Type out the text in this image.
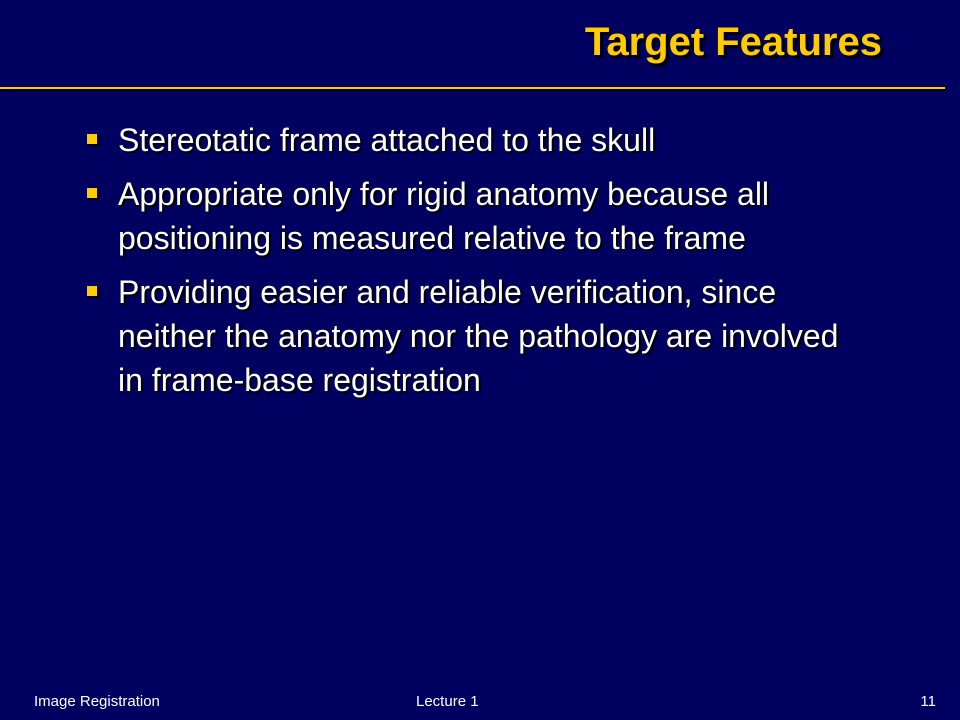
Target Features
Stereotatic frame attached to the skull
Appropriate only for rigid anatomy because all positioning is measured relative to the frame
Providing easier and reliable verification, since neither the anatomy nor the pathology are involved in frame-base registration
Image Registration	Lecture 1	11
